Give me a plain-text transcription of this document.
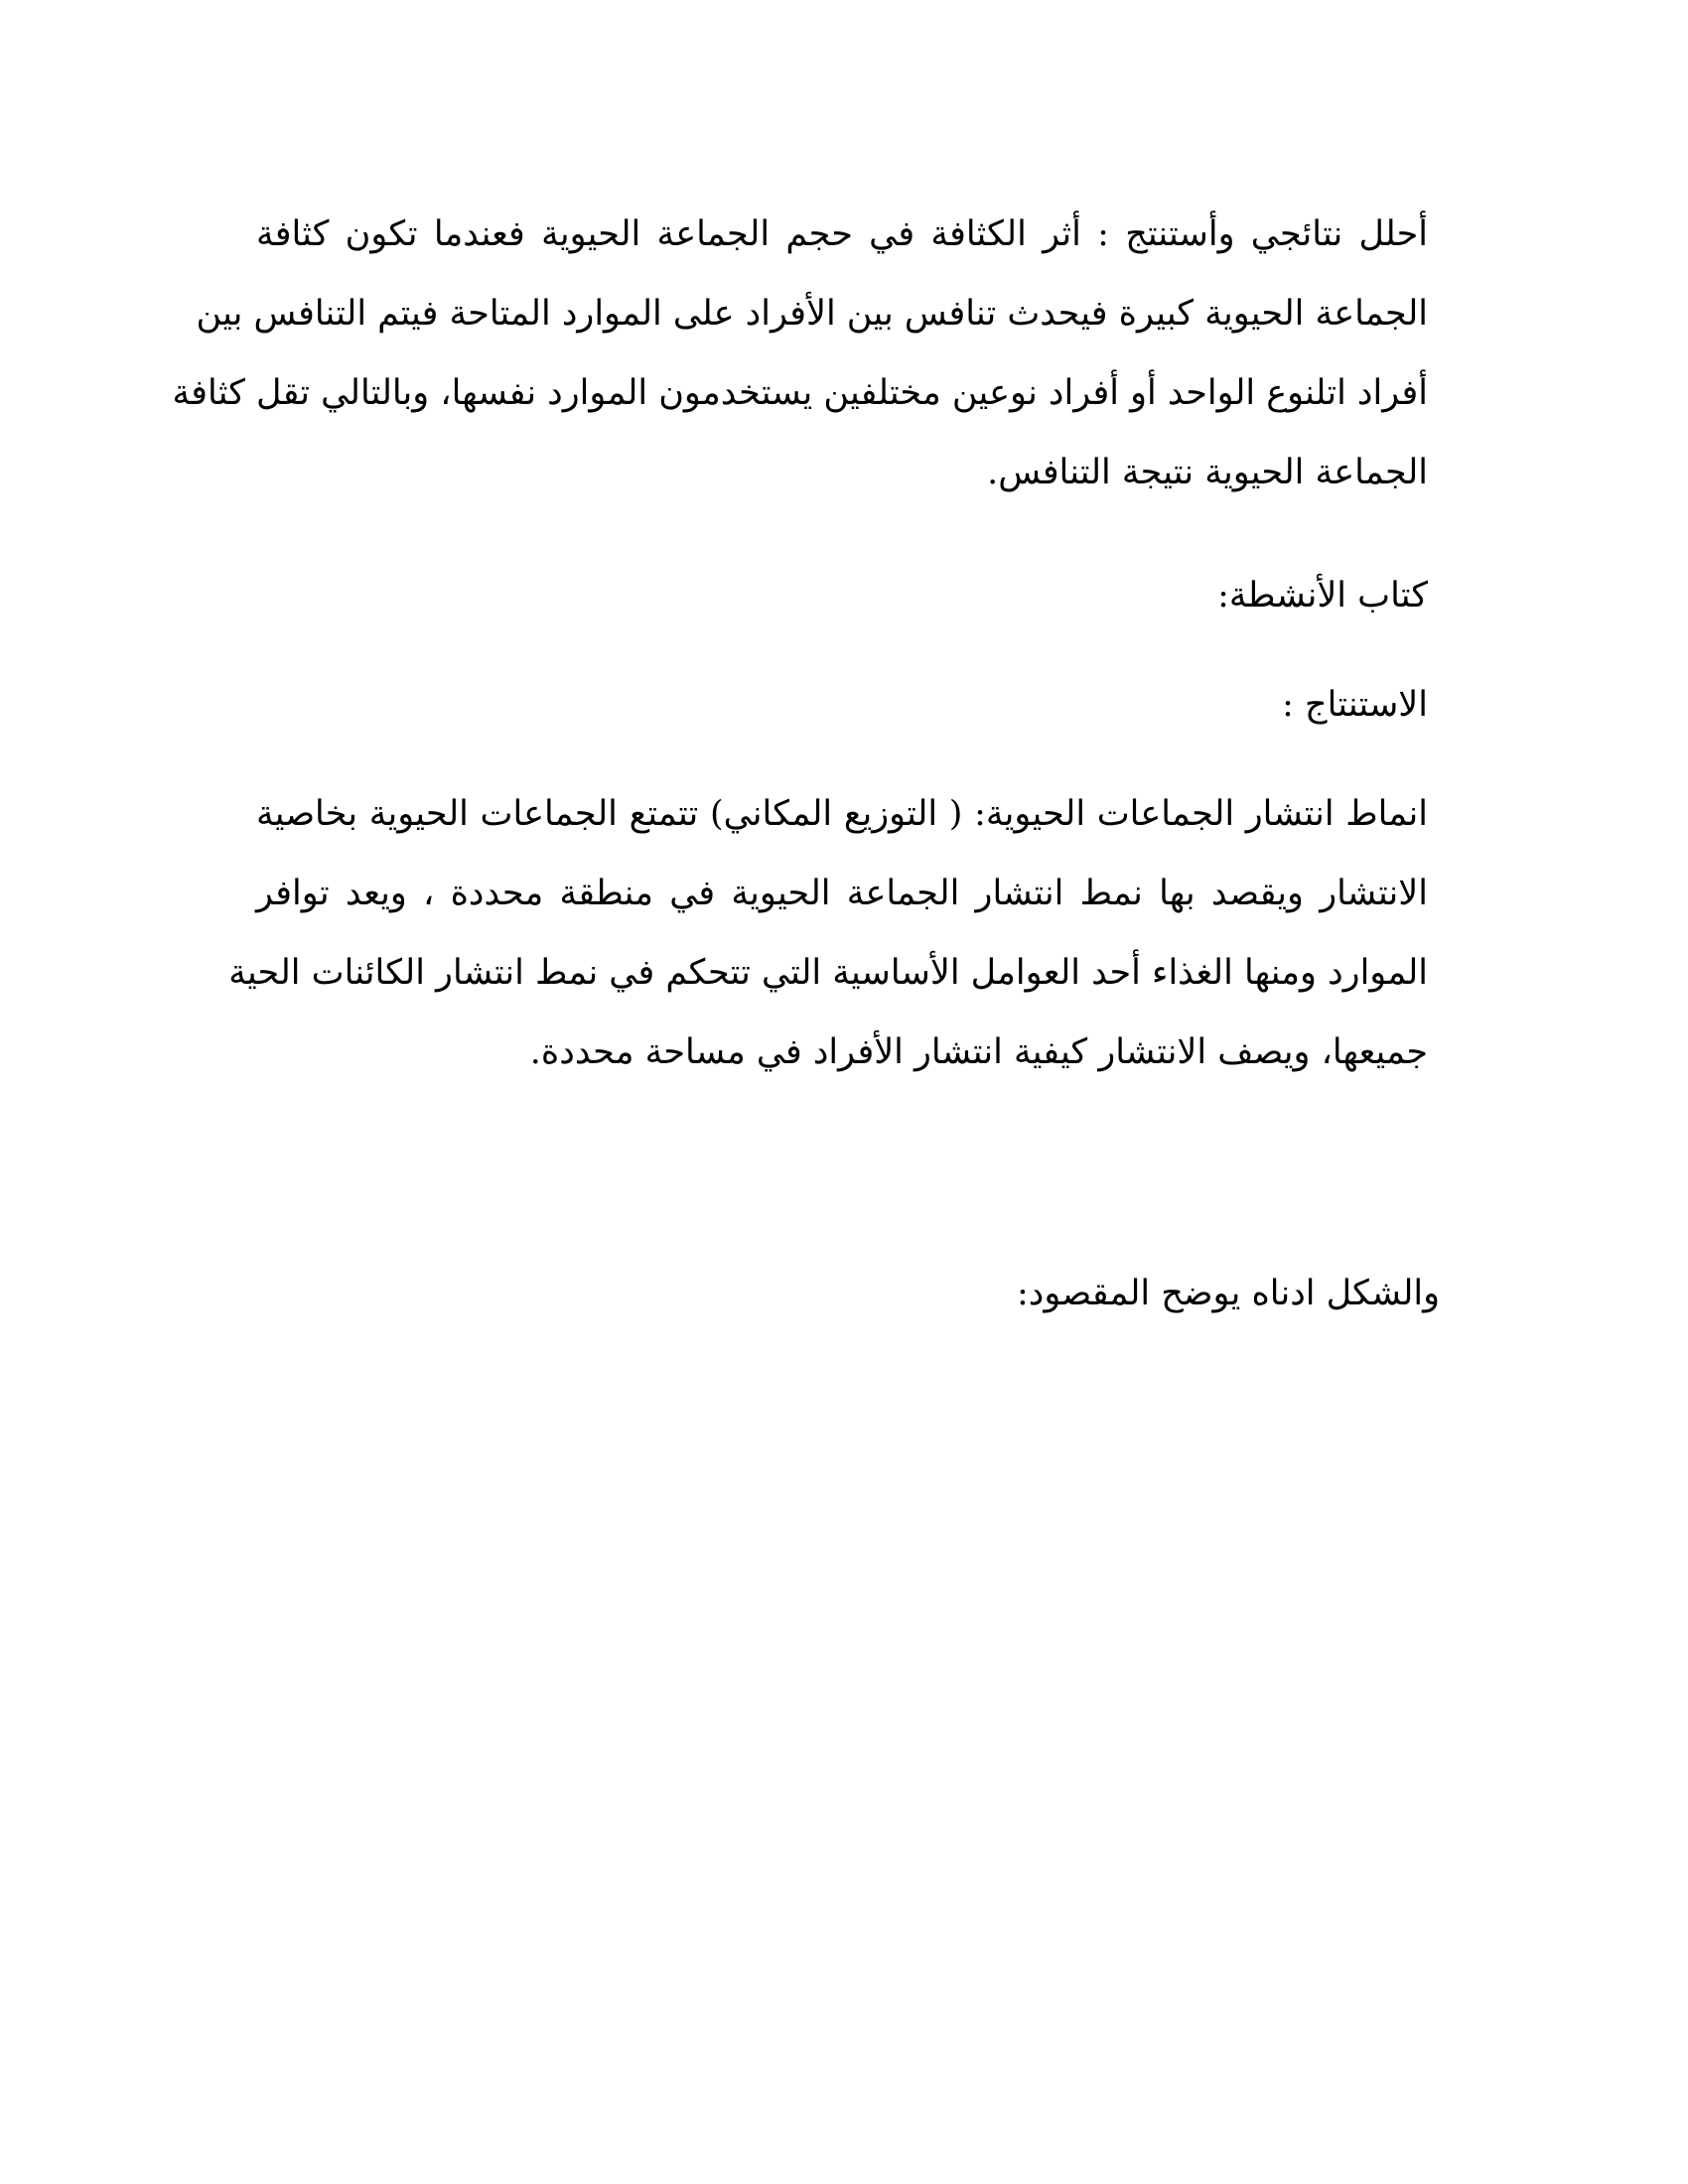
أحلل نتائجي وأستنتج : أثر الكثافة في حجم الجماعة الحيوية فعندما تكون كثافة
الجماعة الحيوية كبيرة فيحدث تنافس بين الأفراد على الموارد المتاحة فيتم التنافس بين
أفراد اتلنوع الواحد أو أفراد نوعين مختلفين يستخدمون الموارد نفسها، وبالتالي تقل كثافة
الجماعة الحيوية نتيجة التنافس.
كتاب الأنشطة:
الاستنتاج :
انماط انتشار الجماعات الحيوية: ( التوزيع المكاني) تتمتع الجماعات الحيوية بخاصية
الانتشار ويقصد بها نمط انتشار الجماعة الحيوية في منطقة محددة ، ويعد توافر
الموارد ومنها الغذاء أحد العوامل الأساسية التي تتحكم في نمط انتشار الكائنات الحية
جميعها، ويصف الانتشار كيفية انتشار الأفراد في مساحة محددة.
والشكل ادناه يوضح المقصود:
